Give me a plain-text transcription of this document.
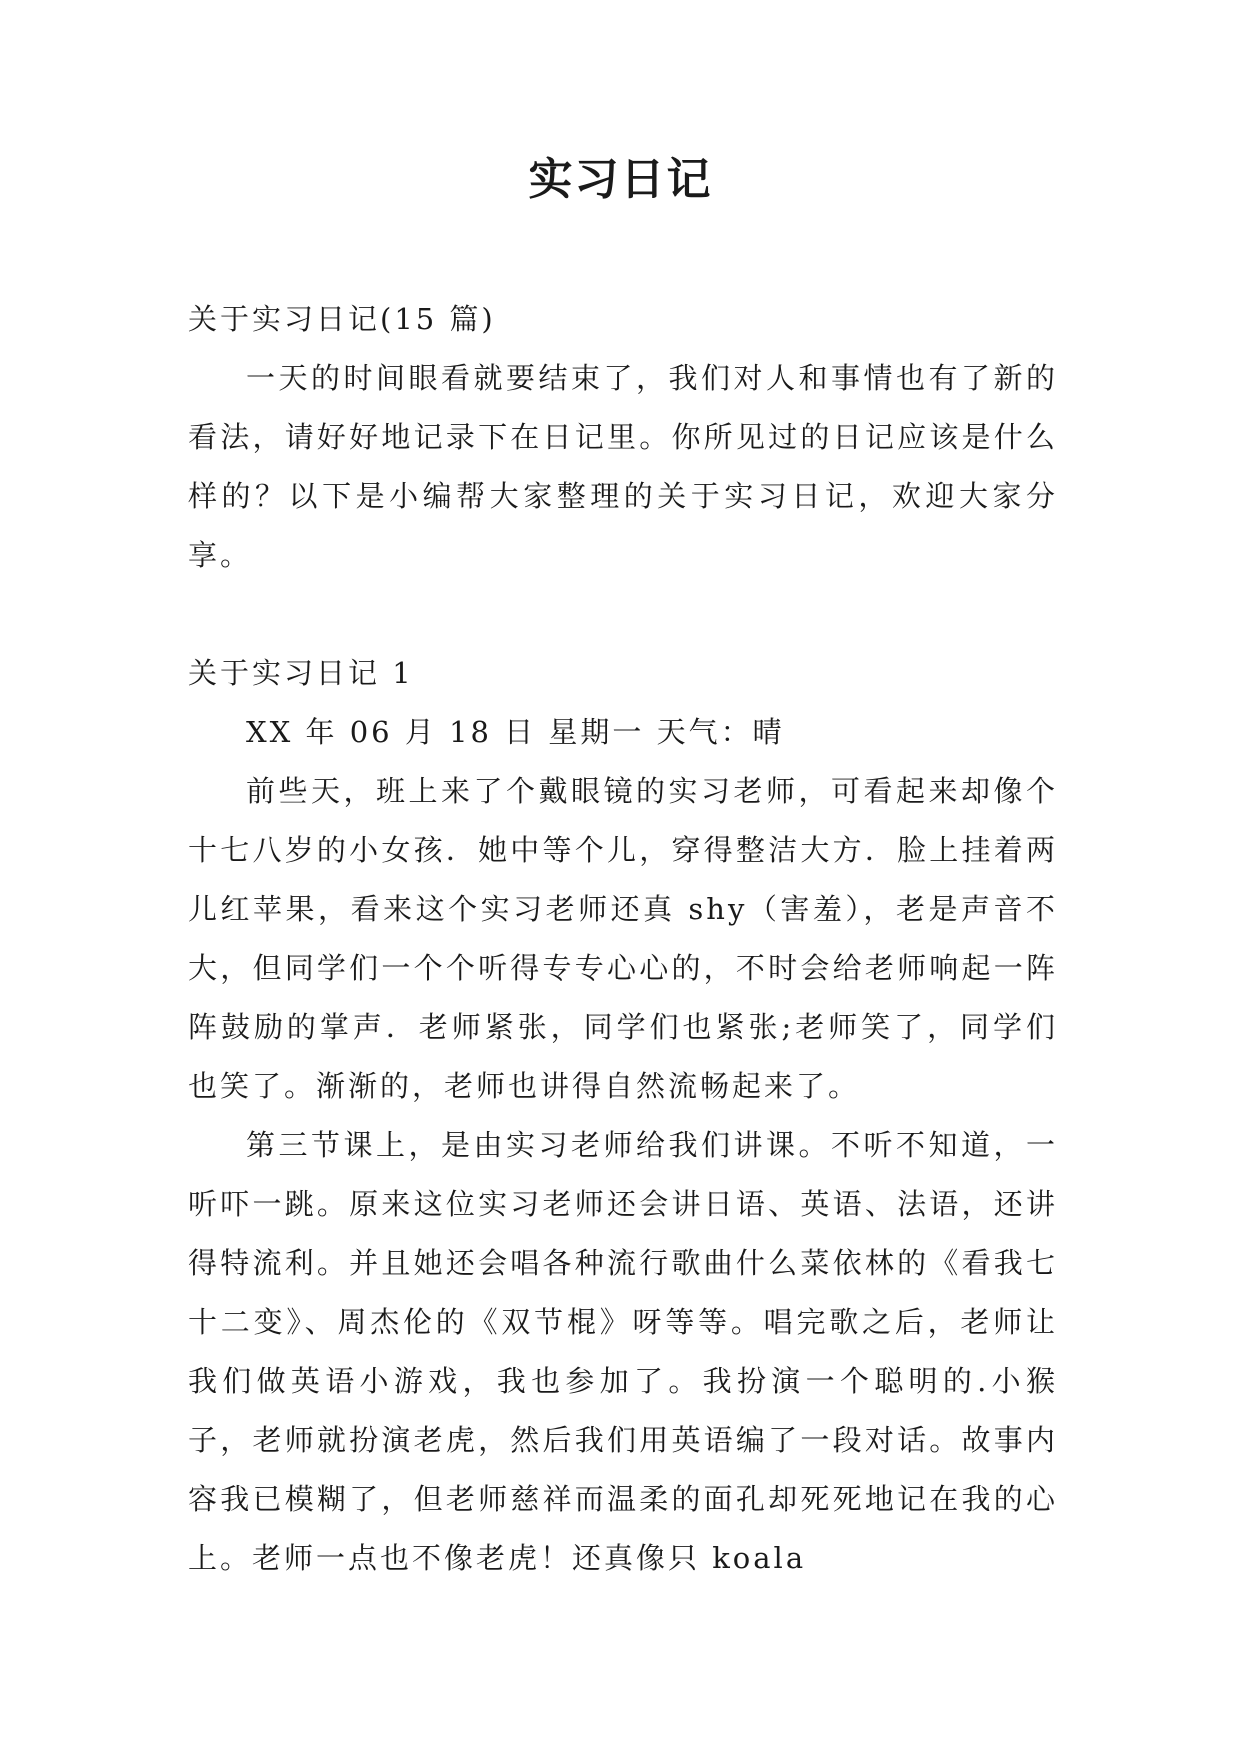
实习日记

关于实习日记(15 篇)

一天的时间眼看就要结束了，我们对人和事情也有了新的看法，请好好地记录下在日记里。你所见过的日记应该是什么样的？以下是小编帮大家整理的关于实习日记，欢迎大家分享。

关于实习日记 1

XX 年 06 月 18 日 星期一 天气：晴

前些天，班上来了个戴眼镜的实习老师，可看起来却像个十七八岁的小女孩．她中等个儿，穿得整洁大方．脸上挂着两儿红苹果，看来这个实习老师还真 shy（害羞），老是声音不大，但同学们一个个听得专专心心的，不时会给老师响起一阵阵鼓励的掌声．老师紧张，同学们也紧张;老师笑了，同学们也笑了。渐渐的，老师也讲得自然流畅起来了。

第三节课上，是由实习老师给我们讲课。不听不知道，一听吓一跳。原来这位实习老师还会讲日语、英语、法语，还讲得特流利。并且她还会唱各种流行歌曲什么菜依林的《看我七十二变》、周杰伦的《双节棍》呀等等。唱完歌之后，老师让我们做英语小游戏，我也参加了。我扮演一个聪明的.小猴子，老师就扮演老虎，然后我们用英语编了一段对话。故事内容我已模糊了，但老师慈祥而温柔的面孔却死死地记在我的心上。老师一点也不像老虎！还真像只 koala
